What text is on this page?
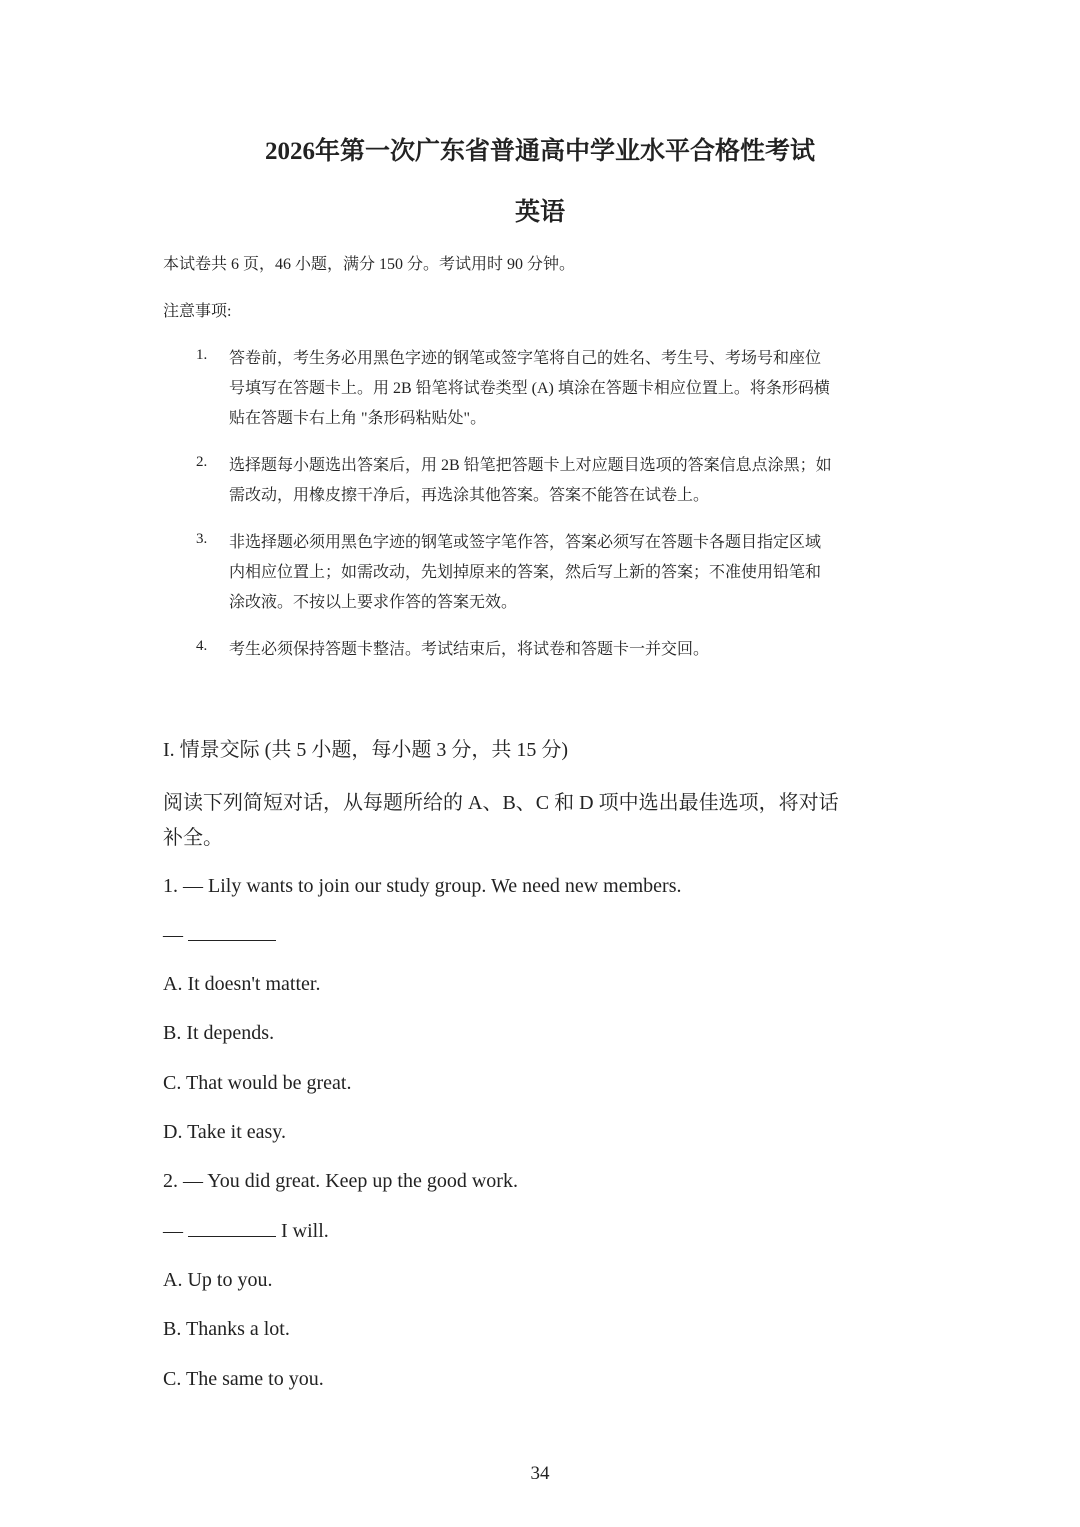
2026年第一次广东省普通高中学业水平合格性考试
英语
本试卷共 6 页，46 小题，满分 150 分。考试用时 90 分钟。
注意事项:
1. 答卷前，考生务必用黑色字迹的钢笔或签字笔将自己的姓名、考生号、考场号和座位
号填写在答题卡上。用 2B 铅笔将试卷类型 (A) 填涂在答题卡相应位置上。将条形码横
贴在答题卡右上角 "条形码粘贴处"。
2. 选择题每小题选出答案后，用 2B 铅笔把答题卡上对应题目选项的答案信息点涂黑；如
需改动，用橡皮擦干净后，再选涂其他答案。答案不能答在试卷上。
3. 非选择题必须用黑色字迹的钢笔或签字笔作答，答案必须写在答题卡各题目指定区域
内相应位置上；如需改动，先划掉原来的答案，然后写上新的答案；不准使用铅笔和
涂改液。不按以上要求作答的答案无效。
4. 考生必须保持答题卡整洁。考试结束后，将试卷和答题卡一并交回。
I. 情景交际 (共 5 小题，每小题 3 分，共 15 分)
阅读下列简短对话，从每题所给的 A、B、C 和 D 项中选出最佳选项，将对话
补全。
1. — Lily wants to join our study group. We need new members.
—
A. It doesn't matter.
B. It depends.
C. That would be great.
D. Take it easy.
2. — You did great. Keep up the good work.
—	I will.
A. Up to you.
B. Thanks a lot.
C. The same to you.
34
